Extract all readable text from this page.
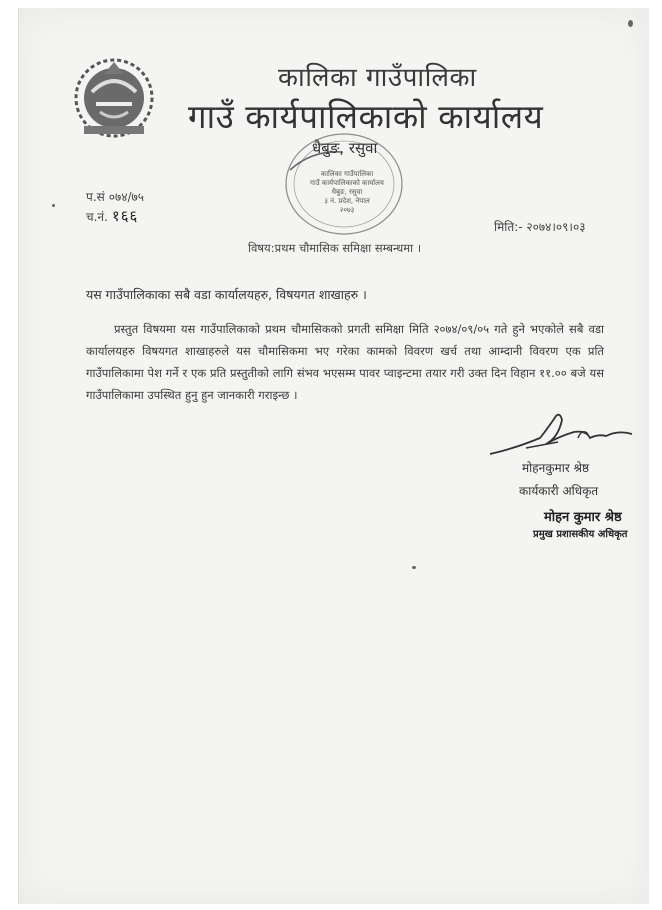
कालिका गाउँपालिका
गाउँ कार्यपालिकाको कार्यालय
धैबुङ, रसुवा
कालिका गाउँपालिका
गाउँ कार्यपालिकाको कार्यालय
धैबुङ, रसुवा
३ नं. प्रदेश, नेपाल
२०७३
प.सं ०७४/७५
च.नं. १६६
मिति:- २०७४।०९।०३
विषय:प्रथम चौमासिक समिक्षा सम्बन्धमा ।
यस गाउँपालिकाका सबै वडा कार्यालयहरु, विषयगत शाखाहरु ।
प्रस्तुत विषयमा यस गाउँपालिकाको प्रथम चौमासिकको प्रगती समिक्षा मिति २०७४/०९/०५ गते हुने भएकोले सबै वडा कार्यालयहरु विषयगत शाखाहरुले यस चौमासिकमा भए गरेका कामको विवरण खर्च तथा आम्दानी विवरण एक प्रति गाउँपालिकामा पेश गर्ने र एक प्रति प्रस्तुतीको लागि संभव भएसम्म पावर प्वाइन्टमा तयार गरी उक्त दिन विहान ११.०० बजे यस गाउँपालिकामा उपस्थित हुनु हुन जानकारी गराइन्छ ।
मोहनकुमार श्रेष्ठ
कार्यकारी अधिकृत
मोहन कुमार श्रेष्ठ
प्रमुख प्रशासकीय अधिकृत
